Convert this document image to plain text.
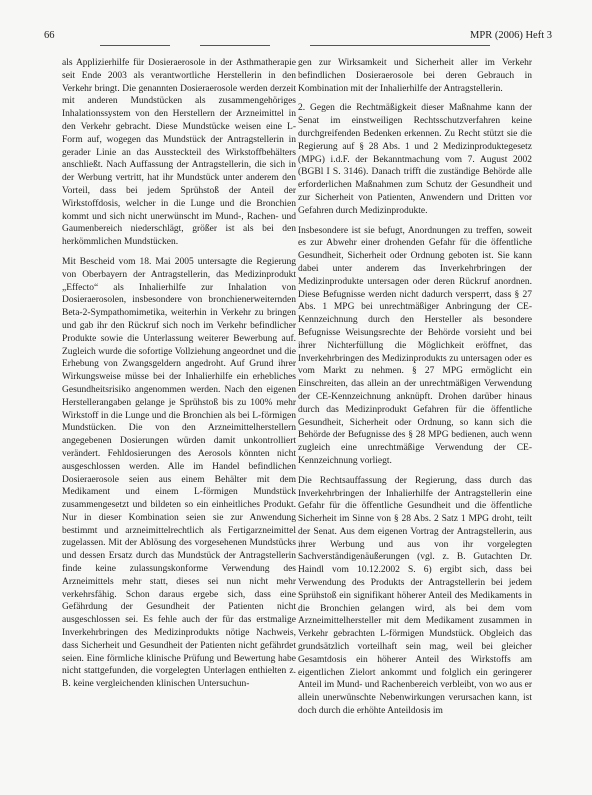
66	MPR (2006) Heft 3

als Applizierhilfe für Dosieraerosole in der Asthmatherapie seit Ende 2003 als verantwortliche Herstellerin in den Verkehr bringt. Die genannten Dosieraerosole werden derzeit mit anderen Mundstücken als zusammengehöriges Inhalationssystem von den Herstellern der Arzneimittel in den Verkehr gebracht. Diese Mundstücke weisen eine L-Form auf, wogegen das Mundstück der Antragstellerin in gerader Linie an das Aussteckteil des Wirkstoffbehälters anschließt. Nach Auffassung der Antragstellerin, die sich in der Werbung vertritt, hat ihr Mundstück unter anderem den Vorteil, dass bei jedem Sprühstoß der Anteil der Wirkstoffdosis, welcher in die Lunge und die Bronchien kommt und sich nicht unerwünscht im Mund-, Rachen- und Gaumenbereich niederschlägt, größer ist als bei den herkömmlichen Mundstücken.

Mit Bescheid vom 18. Mai 2005 untersagte die Regierung von Oberbayern der Antragstellerin, das Medizinprodukt „Effecto“ als Inhalierhilfe zur Inhalation von Dosieraerosolen, insbesondere von bronchienerweiternden Beta-2-Sympathomimetika, weiterhin in Verkehr zu bringen und gab ihr den Rückruf sich noch im Verkehr befindlicher Produkte sowie die Unterlassung weiterer Bewerbung auf. Zugleich wurde die sofortige Vollziehung angeordnet und die Erhebung von Zwangsgeldern angedroht. Auf Grund ihrer Wirkungsweise müsse bei der Inhalierhilfe ein erhebliches Gesundheitsrisiko angenommen werden. Nach den eigenen Herstellerangaben gelange je Sprühstoß bis zu 100% mehr Wirkstoff in die Lunge und die Bronchien als bei L-förmigen Mundstücken. Die von den Arzneimittelherstellern angegebenen Dosierungen würden damit unkontrolliert verändert. Fehldosierungen des Aerosols könnten nicht ausgeschlossen werden. Alle im Handel befindlichen Dosieraerosole seien aus einem Behälter mit dem Medikament und einem L-förmigen Mundstück zusammengesetzt und bildeten so ein einheitliches Produkt. Nur in dieser Kombination seien sie zur Anwendung bestimmt und arzneimittelrechtlich als Fertigarzneimittel zugelassen. Mit der Ablösung des vorgesehenen Mundstücks und dessen Ersatz durch das Mundstück der Antragstellerin finde keine zulassungskonforme Verwendung des Arzneimittels mehr statt, dieses sei nun nicht mehr verkehrsfähig. Schon daraus ergebe sich, dass eine Gefährdung der Gesundheit der Patienten nicht ausgeschlossen sei. Es fehle auch der für das erstmalige Inverkehrbringen des Medizinprodukts nötige Nachweis, dass Sicherheit und Gesundheit der Patienten nicht gefährdet seien. Eine förmliche klinische Prüfung und Bewertung habe nicht stattgefunden, die vorgelegten Unterlagen enthielten z. B. keine vergleichenden klinischen Untersuchun-

gen zur Wirksamkeit und Sicherheit aller im Verkehr befindlichen Dosieraerosole bei deren Gebrauch in Kombination mit der Inhalierhilfe der Antragstellerin.

2. Gegen die Rechtmäßigkeit dieser Maßnahme kann der Senat im einstweiligen Rechtsschutzverfahren keine durchgreifenden Bedenken erkennen. Zu Recht stützt sie die Regierung auf § 28 Abs. 1 und 2 Medizinproduktegesetz (MPG) i.d.F. der Bekanntmachung vom 7. August 2002 (BGBl I S. 3146). Danach trifft die zuständige Behörde alle erforderlichen Maßnahmen zum Schutz der Gesundheit und zur Sicherheit von Patienten, Anwendern und Dritten vor Gefahren durch Medizinprodukte.

Insbesondere ist sie befugt, Anordnungen zu treffen, soweit es zur Abwehr einer drohenden Gefahr für die öffentliche Gesundheit, Sicherheit oder Ordnung geboten ist. Sie kann dabei unter anderem das Inverkehrbringen der Medizinprodukte untersagen oder deren Rückruf anordnen. Diese Befugnisse werden nicht dadurch versperrt, dass § 27 Abs. 1 MPG bei unrechtmäßiger Anbringung der CE-Kennzeichnung durch den Hersteller als besondere Befugnisse Weisungsrechte der Behörde vorsieht und bei ihrer Nichterfüllung die Möglichkeit eröffnet, das Inverkehrbringen des Medizinprodukts zu untersagen oder es vom Markt zu nehmen. § 27 MPG ermöglicht ein Einschreiten, das allein an der unrechtmäßigen Verwendung der CE-Kennzeichnung anknüpft. Drohen darüber hinaus durch das Medizinprodukt Gefahren für die öffentliche Gesundheit, Sicherheit oder Ordnung, so kann sich die Behörde der Befugnisse des § 28 MPG bedienen, auch wenn zugleich eine unrechtmäßige Verwendung der CE-Kennzeichnung vorliegt.

Die Rechtsauffassung der Regierung, dass durch das Inverkehrbringen der Inhalierhilfe der Antragstellerin eine Gefahr für die öffentliche Gesundheit und die öffentliche Sicherheit im Sinne von § 28 Abs. 2 Satz 1 MPG droht, teilt der Senat. Aus dem eigenen Vortrag der Antragstellerin, aus ihrer Werbung und aus von ihr vorgelegten Sachverständigenäußerungen (vgl. z. B. Gutachten Dr. Haindl vom 10.12.2002 S. 6) ergibt sich, dass bei Verwendung des Produkts der Antragstellerin bei jedem Sprühstoß ein signifikant höherer Anteil des Medikaments in die Bronchien gelangen wird, als bei dem vom Arzneimittelhersteller mit dem Medikament zusammen in Verkehr gebrachten L-förmigen Mundstück. Obgleich das grundsätzlich vorteilhaft sein mag, weil bei gleicher Gesamtdosis ein höherer Anteil des Wirkstoffs am eigentlichen Zielort ankommt und folglich ein geringerer Anteil im Mund- und Rachenbereich verbleibt, von wo aus er allein unerwünschte Nebenwirkungen verursachen kann, ist doch durch die erhöhte Anteildosis im
